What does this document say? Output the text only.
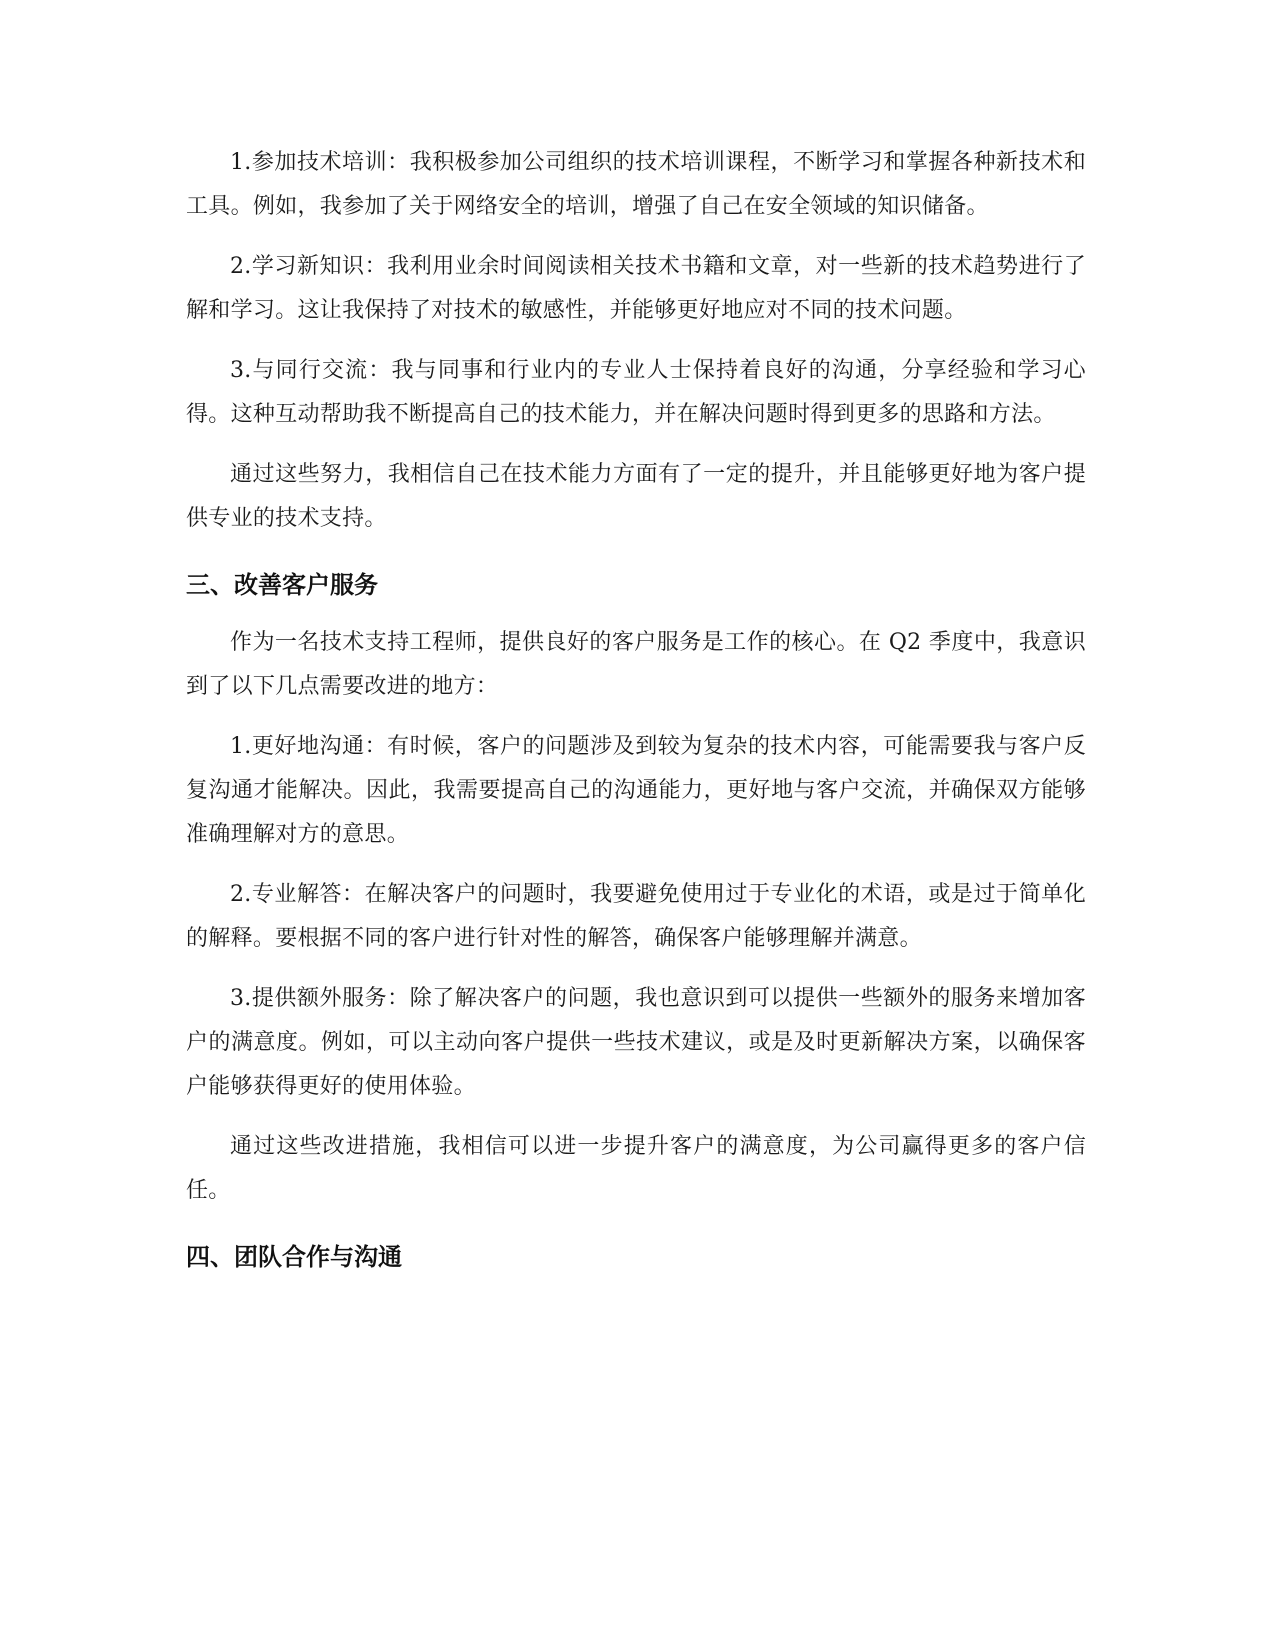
1.参加技术培训：我积极参加公司组织的技术培训课程，不断学习和掌握各种新技术和工具。例如，我参加了关于网络安全的培训，增强了自己在安全领域的知识储备。

2.学习新知识：我利用业余时间阅读相关技术书籍和文章，对一些新的技术趋势进行了解和学习。这让我保持了对技术的敏感性，并能够更好地应对不同的技术问题。

3.与同行交流：我与同事和行业内的专业人士保持着良好的沟通，分享经验和学习心得。这种互动帮助我不断提高自己的技术能力，并在解决问题时得到更多的思路和方法。

通过这些努力，我相信自己在技术能力方面有了一定的提升，并且能够更好地为客户提供专业的技术支持。

三、改善客户服务

作为一名技术支持工程师，提供良好的客户服务是工作的核心。在 Q2 季度中，我意识到了以下几点需要改进的地方：

1.更好地沟通：有时候，客户的问题涉及到较为复杂的技术内容，可能需要我与客户反复沟通才能解决。因此，我需要提高自己的沟通能力，更好地与客户交流，并确保双方能够准确理解对方的意思。

2.专业解答：在解决客户的问题时，我要避免使用过于专业化的术语，或是过于简单化的解释。要根据不同的客户进行针对性的解答，确保客户能够理解并满意。

3.提供额外服务：除了解决客户的问题，我也意识到可以提供一些额外的服务来增加客户的满意度。例如，可以主动向客户提供一些技术建议，或是及时更新解决方案，以确保客户能够获得更好的使用体验。

通过这些改进措施，我相信可以进一步提升客户的满意度，为公司赢得更多的客户信任。

四、团队合作与沟通
